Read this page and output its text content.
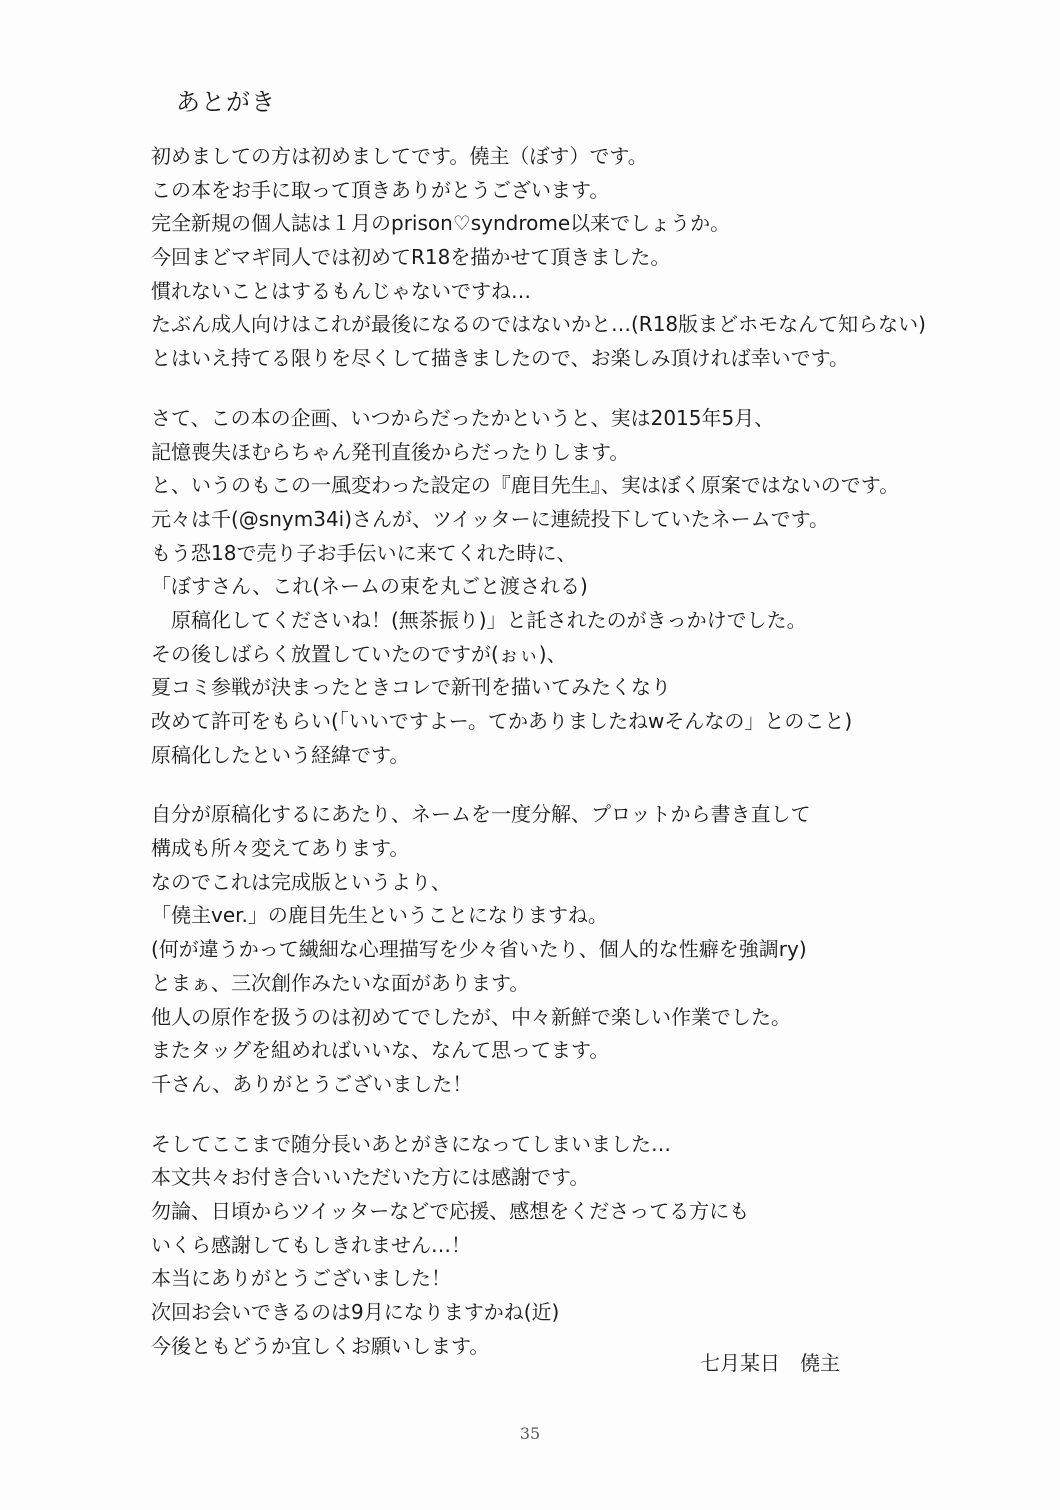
あとがき
初めましての方は初めましてです。僥主（ぼす）です。
この本をお手に取って頂きありがとうございます。
完全新規の個人誌は１月のprison♡syndrome以来でしょうか。
今回まどマギ同人では初めてR18を描かせて頂きました。
慣れないことはするもんじゃないですね…
たぶん成人向けはこれが最後になるのではないかと…(R18版まどホモなんて知らない)
とはいえ持てる限りを尽くして描きましたので、お楽しみ頂ければ幸いです。
さて、この本の企画、いつからだったかというと、実は2015年5月、
記憶喪失ほむらちゃん発刊直後からだったりします。
と、いうのもこの一風変わった設定の『鹿目先生』、実はぼく原案ではないのです。
元々は千(@snym34i)さんが、ツイッターに連続投下していたネームです。
もう恐18で売り子お手伝いに来てくれた時に、
「ぼすさん、これ(ネームの束を丸ごと渡される)
　原稿化してくださいね！(無茶振り)」と託されたのがきっかけでした。
その後しばらく放置していたのですが(ぉぃ)、
夏コミ参戦が決まったときコレで新刊を描いてみたくなり
改めて許可をもらい(「いいですよー。てかありましたねwそんなの」とのこと)
原稿化したという経緯です。
自分が原稿化するにあたり、ネームを一度分解、プロットから書き直して
構成も所々変えてあります。
なのでこれは完成版というより、
「僥主ver.」の鹿目先生ということになりますね。
(何が違うかって繊細な心理描写を少々省いたり、個人的な性癖を強調ry)
とまぁ、三次創作みたいな面があります。
他人の原作を扱うのは初めてでしたが、中々新鮮で楽しい作業でした。
またタッグを組めればいいな、なんて思ってます。
千さん、ありがとうございました！
そしてここまで随分長いあとがきになってしまいました…
本文共々お付き合いいただいた方には感謝です。
勿論、日頃からツイッターなどで応援、感想をくださってる方にも
いくら感謝してもしきれません…！
本当にありがとうございました！
次回お会いできるのは9月になりますかね(近)
今後ともどうか宜しくお願いします。
七月某日　僥主
35
